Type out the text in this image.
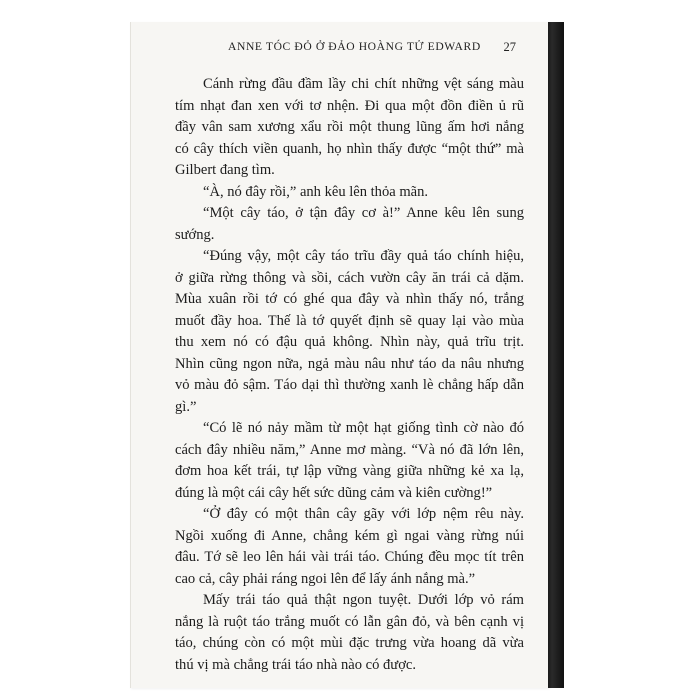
ANNE TÓC ĐỎ Ở ĐẢO HOÀNG TỬ EDWARD 27
Cánh rừng đầu đầm lầy chi chít những vệt sáng màu
tím nhạt đan xen với tơ nhện. Đi qua một đồn điền ủ rũ
đầy vân sam xương xẩu rồi một thung lũng ấm hơi nắng
có cây thích viền quanh, họ nhìn thấy được “một thứ” mà
Gilbert đang tìm.
“À, nó đây rồi,” anh kêu lên thỏa mãn.
“Một cây táo, ở tận đây cơ à!” Anne kêu lên sung
sướng.
“Đúng vậy, một cây táo trĩu đầy quả táo chính hiệu,
ở giữa rừng thông và sồi, cách vườn cây ăn trái cả dặm.
Mùa xuân rồi tớ có ghé qua đây và nhìn thấy nó, trắng
muốt đầy hoa. Thế là tớ quyết định sẽ quay lại vào mùa
thu xem nó có đậu quả không. Nhìn này, quả trĩu trịt.
Nhìn cũng ngon nữa, ngả màu nâu như táo da nâu nhưng
vỏ màu đỏ sậm. Táo dại thì thường xanh lè chẳng hấp dẫn
gì.”
“Có lẽ nó nảy mầm từ một hạt giống tình cờ nào đó
cách đây nhiều năm,” Anne mơ màng. “Và nó đã lớn lên,
đơm hoa kết trái, tự lập vững vàng giữa những kẻ xa lạ,
đúng là một cái cây hết sức dũng cảm và kiên cường!”
“Ở đây có một thân cây gãy với lớp nệm rêu này.
Ngồi xuống đi Anne, chẳng kém gì ngai vàng rừng núi
đâu. Tớ sẽ leo lên hái vài trái táo. Chúng đều mọc tít trên
cao cả, cây phải ráng ngoi lên để lấy ánh nắng mà.”
Mấy trái táo quả thật ngon tuyệt. Dưới lớp vỏ rám
nắng là ruột táo trắng muốt có lẫn gân đỏ, và bên cạnh vị
táo, chúng còn có một mùi đặc trưng vừa hoang dã vừa
thú vị mà chẳng trái táo nhà nào có được.
